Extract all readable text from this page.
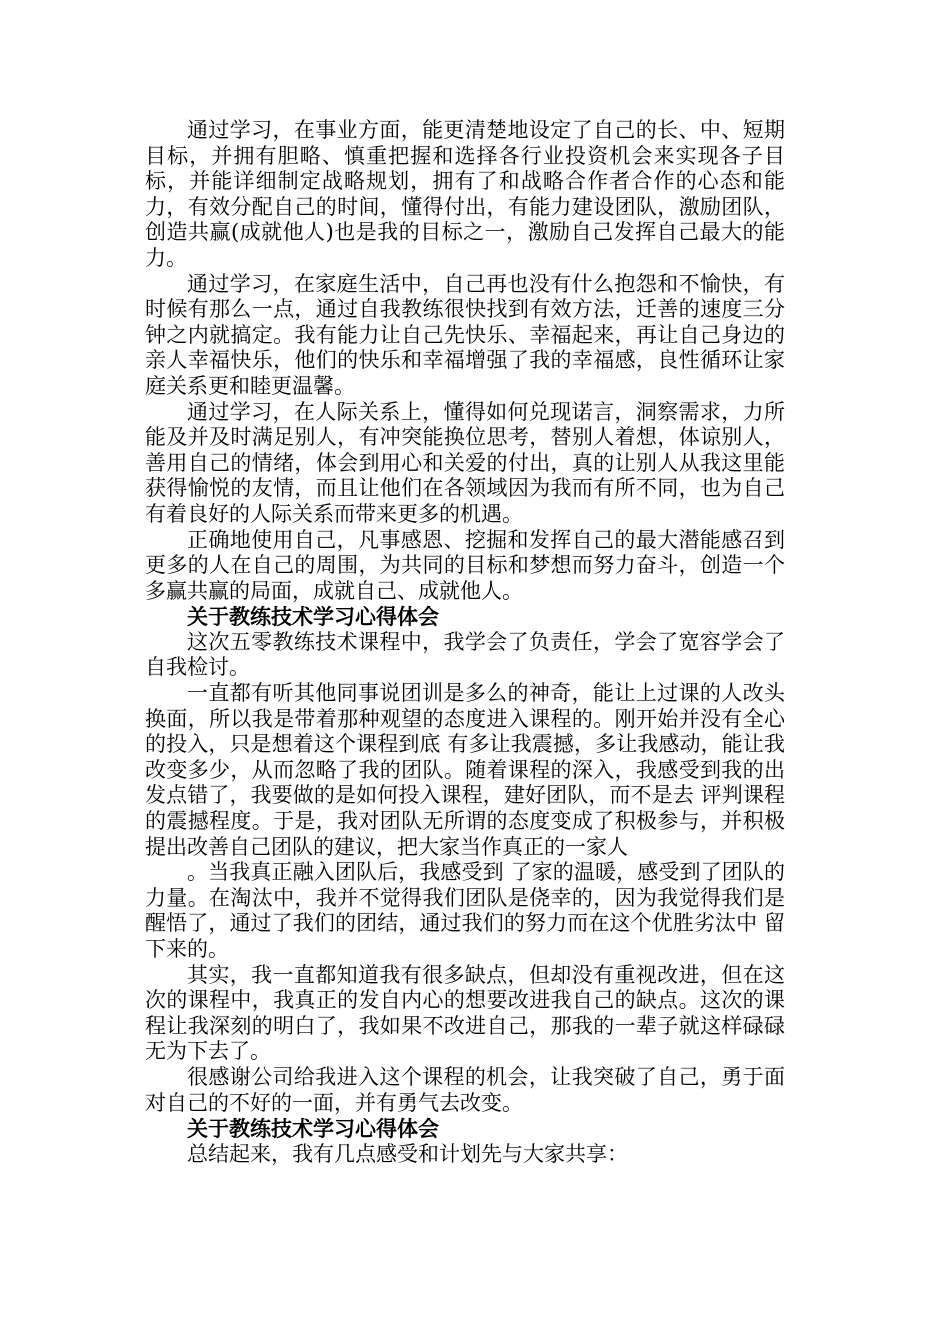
通过学习，在事业方面，能更清楚地设定了自己的长、中、短期目标，并拥有胆略、慎重把握和选择各行业投资机会来实现各子目标，并能详细制定战略规划，拥有了和战略合作者合作的心态和能力，有效分配自己的时间，懂得付出，有能力建设团队，激励团队，创造共赢(成就他人)也是我的目标之一，激励自己发挥自己最大的能力。

通过学习，在家庭生活中，自己再也没有什么抱怨和不愉快，有时候有那么一点，通过自我教练很快找到有效方法，迁善的速度三分钟之内就搞定。我有能力让自己先快乐、幸福起来，再让自己身边的亲人幸福快乐，他们的快乐和幸福增强了我的幸福感，良性循环让家庭关系更和睦更温馨。

通过学习，在人际关系上，懂得如何兑现诺言，洞察需求，力所能及并及时满足别人，有冲突能换位思考，替别人着想，体谅别人，善用自己的情绪，体会到用心和关爱的付出，真的让别人从我这里能获得愉悦的友情，而且让他们在各领域因为我而有所不同，也为自己有着良好的人际关系而带来更多的机遇。

正确地使用自己，凡事感恩、挖掘和发挥自己的最大潜能感召到更多的人在自己的周围，为共同的目标和梦想而努力奋斗，创造一个多赢共赢的局面，成就自己、成就他人。

关于教练技术学习心得体会

这次五零教练技术课程中，我学会了负责任，学会了宽容学会了自我检讨。

一直都有听其他同事说团训是多么的神奇，能让上过课的人改头换面，所以我是带着那种观望的态度进入课程的。刚开始并没有全心的投入，只是想着这个课程到底 有多让我震撼，多让我感动，能让我改变多少，从而忽略了我的团队。随着课程的深入，我感受到我的出发点错了，我要做的是如何投入课程，建好团队，而不是去 评判课程的震撼程度。于是，我对团队无所谓的态度变成了积极参与，并积极提出改善自己团队的建议，把大家当作真正的一家人

。当我真正融入团队后，我感受到 了家的温暖，感受到了团队的力量。在淘汰中，我并不觉得我们团队是侥幸的，因为我觉得我们是醒悟了，通过了我们的团结，通过我们的努力而在这个优胜劣汰中 留下来的。

其实，我一直都知道我有很多缺点，但却没有重视改进，但在这次的课程中，我真正的发自内心的想要改进我自己的缺点。这次的课程让我深刻的明白了，我如果不改进自己，那我的一辈子就这样碌碌无为下去了。

很感谢公司给我进入这个课程的机会，让我突破了自己，勇于面对自己的不好的一面，并有勇气去改变。

关于教练技术学习心得体会

总结起来，我有几点感受和计划先与大家共享：
